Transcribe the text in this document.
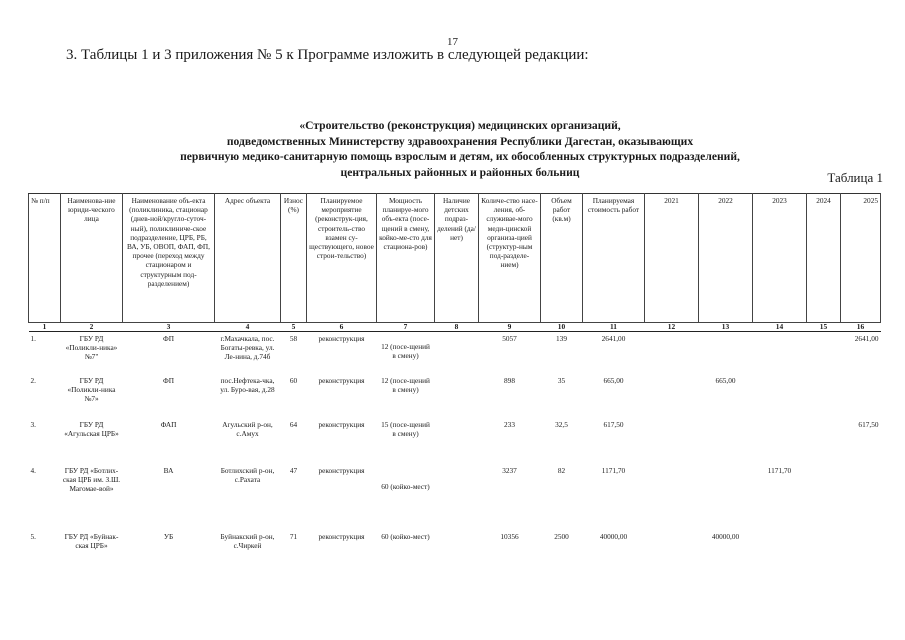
17
3. Таблицы 1 и 3 приложения № 5 к Программе изложить в следующей редакции:
«Строительство (реконструкция) медицинских организаций,
подведомственных Министерству здравоохранения Республики Дагестан, оказывающих
первичную медико-санитарную помощь взрослым и детям, их обособленных структурных подразделений,
центральных районных и районных больниц	Таблица 1
№ п/п	Наименова-ние юриди-ческого лица	Наименование объ-екта (поликлиника, стационар (днев-ной/кругло-суточ-ный), поликлиниче-ское подразделение, ЦРБ, РБ, ВА, УБ, ОВОП, ФАП, ФП, прочее (переход между стационаром и структурным под-разделением)	Адрес объекта	Износ (%)	Планируемое мероприятие (реконструк-ция, строитель-ство взамен су-ществующего, новое строи-тельство)	Мощность планируе-мого объ-екта (посе-щений в смену, койко-ме-сто для стациона-ров)	Наличие детских подраз-делений (да/нет)	Количе-ство насе-ления, об-служивае-мого меди-цинской организа-цией (структур-ным под-разделе-нием)	Объем работ (кв.м)	Планируемая стоимость работ	2021	2022	2023	2024	2025
1	2	3	4	5	6	7	8	9	10	11	12	13	14	15	16
1.	ГБУ РД «Поликли-ника» №7"	ФП	г.Махачкала, пос. Богаты-ревка, ул. Ле-нина, д.74б	58	реконструкция	12 (посе-щений в смену)		5057	139	2641,00					2641,00
2.	ГБУ РД «Поликли-ника №7»	ФП	пос.Нефтека-чка, ул. Буро-вая, д.28	60	реконструкция	12 (посе-щений в смену)		898	35	665,00		665,00			
3.	ГБУ РД «Агульская ЦРБ»	ФАП	Агульский р-он, с.Амух	64	реконструкция	15 (посе-щений в смену)		233	32,5	617,50					617,50
4.	ГБУ РД «Ботлих-ская ЦРБ им. З.Ш. Магомае-вой»	ВА	Ботлихский р-он, с.Рахата	47	реконструкция	60 (койко-мест)		3237	82	1171,70			1171,70		
5.	ГБУ РД «Буйнак-ская ЦРБ»	УБ	Буйнакский р-он, с.Чиркей	71	реконструкция	60 (койко-мест)		10356	2500	40000,00		40000,00			
